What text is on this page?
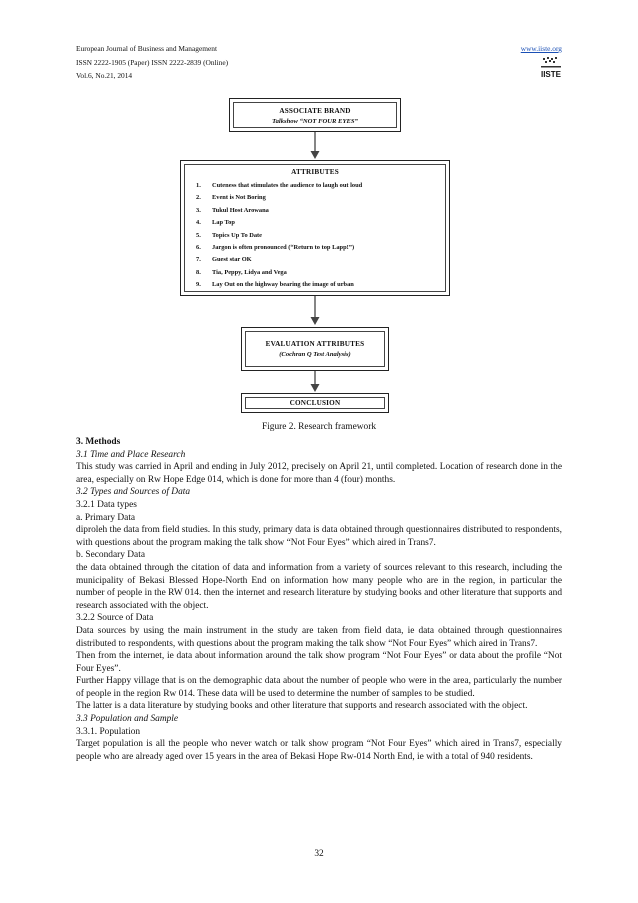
European Journal of Business and Management	www.iiste.org
ISSN 2222-1905 (Paper) ISSN 2222-2839 (Online)
Vol.6, No.21, 2014	IISTE
ASSOCIATE BRAND
Talkshow “NOT FOUR EYES”
ATTRIBUTES
1.	Cuteness that stimulates the audience to laugh out loud
2.	Event is Not Boring
3.	Tukul Host Arowana
4.	Lap Top
5.	Topics Up To Date
6.	Jargon is often pronounced (“Return to top Lapp!”)
7.	Guest star OK
8.	Tia, Peppy, Lidya and Vega
9.	Lay Out on the highway bearing the image of urban
EVALUATION ATTRIBUTES
(Cochran Q Test Analysis)
CONCLUSION
Figure 2. Research framework

3. Methods

3.1 Time and Place Research

This study was carried in April and ending in July 2012, precisely on April 21, until completed. Location of research done in the area, especially on Rw Hope Edge 014, which is done for more than 4 (four) months.

3.2 Types and Sources of Data

3.2.1 Data types

a. Primary Data

diproleh the data from field studies. In this study, primary data is data obtained through questionnaires distributed to respondents, with questions about the program making the talk show “Not Four Eyes” which aired in Trans7.

b. Secondary Data

the data obtained through the citation of data and information from a variety of sources relevant to this research, including the municipality of Bekasi Blessed Hope-North End on information how many people who are in the region, in particular the number of people in the RW 014. then the internet and research literature by studying books and other literature that supports and research associated with the object.

3.2.2 Source of Data

Data sources by using the main instrument in the study are taken from field data, ie data obtained through questionnaires distributed to respondents, with questions about the program making the talk show “Not Four Eyes” which aired in Trans7.

Then from the internet, ie data about information around the talk show program “Not Four Eyes” or data about the profile “Not Four Eyes”.

Further Happy village that is on the demographic data about the number of people who were in the area, particularly the number of people in the region Rw 014. These data will be used to determine the number of samples to be studied.

The latter is a data literature by studying books and other literature that supports and research associated with the object.

3.3 Population and Sample

3.3.1. Population

Target population is all the people who never watch or talk show program “Not Four Eyes” which aired in Trans7, especially people who are already aged over 15 years in the area of Bekasi Hope Rw-014 North End, ie with a total of 940 residents.

32
